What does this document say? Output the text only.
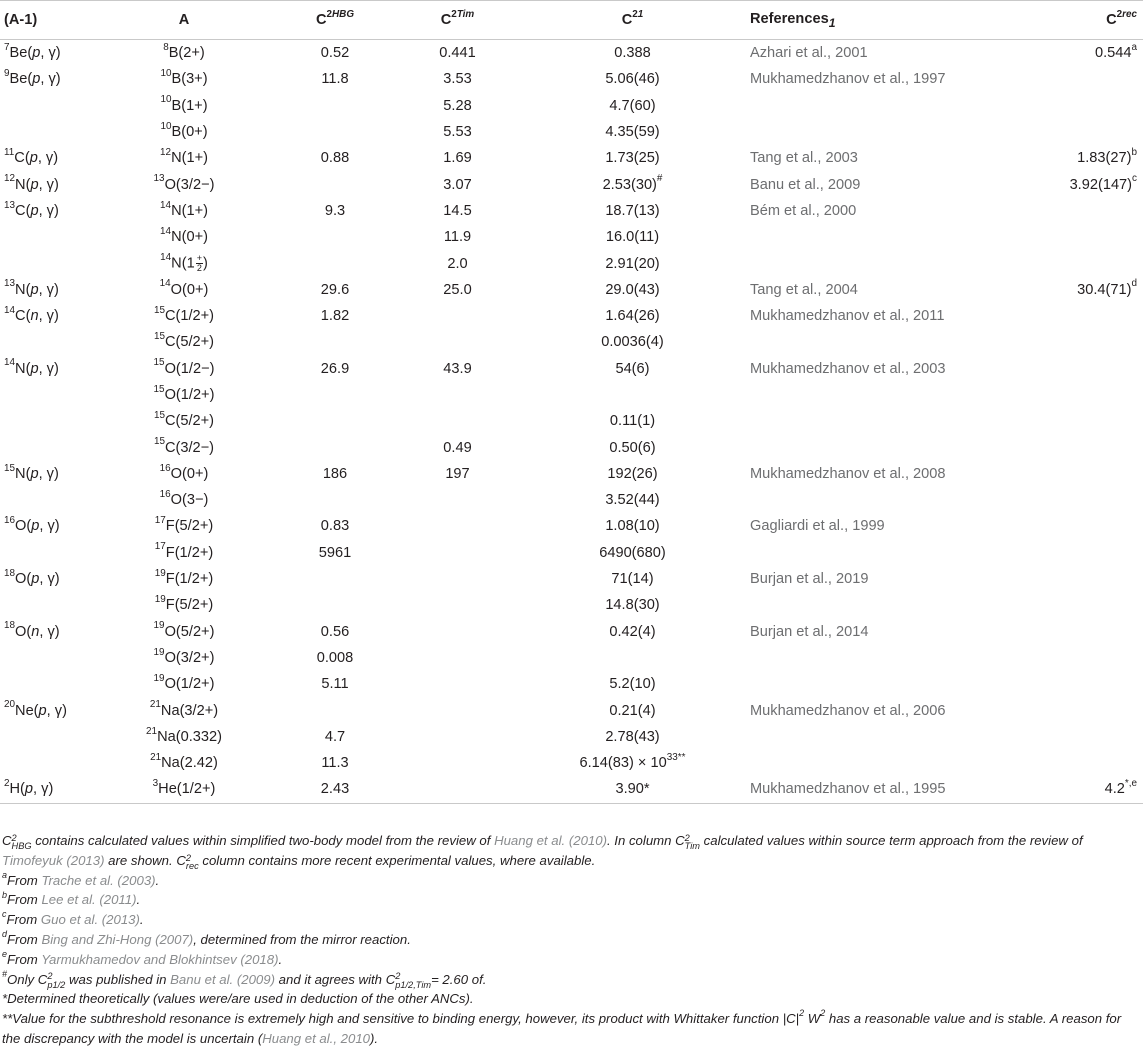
(A-1)	A	$C^{2HBG}$	$C^{2Tim}$	$C^{21}$	References$_1$	$C^{2rec}$
$^7$Be(p, γ)	$^8$B(2+)	0.52	0.441	0.388	Azhari et al., 2001	0.544$^a$
$^9$Be(p, γ)	$^{10}$B(3+)	11.8	3.53	5.06(46)	Mukhamedzhanov et al., 1997	
	$^{10}$B(1+)		5.28	4.7(60)		
	$^{10}$B(0+)		5.53	4.35(59)		
$^{11}$C(p, γ)	$^{12}$N(1+)	0.88	1.69	1.73(25)	Tang et al., 2003	$1.83(27)^b$
$^{12}$N(p, γ)	$^{13}$O(3/2−)		3.07	2.53(30)#	Banu et al., 2009	$3.92(147)^c$
$^{13}$C(p, γ)	$^{14}$N(1+)	9.3	14.5	18.7(13)	Bém et al., 2000	
	$^{14}$N(0+)		11.9	16.0(11)		
	$^{14}N(1 \frac{+}{2}$ )		2.0	2.91(20)		
$^{13}$N(p, γ)	$^{14}$O(0+)	29.6	25.0	29.0(43)	Tang et al., 2004	$30.4(71)^d$
$^{14}$C(n, γ)	$^{15}$C(1/2+)	1.82		1.64(26)	Mukhamedzhanov et al., 2011	
	$^{15}$C(5/2+)			0.0036(4)		
$^{14}$N(p, γ)	$^{15}$O(1/2−)	26.9	43.9	54(6)	Mukhamedzhanov et al., 2003	
	$^{15}$O(1/2+)					
	$^{15}$C(5/2+)			0.11(1)		
	$^{15}$C(3/2−)		0.49	0.50(6)		
$^{15}$N(p, γ)	$^{16}$O(0+)	186	197	192(26)	Mukhamedzhanov et al., 2008	
	$^{16}$O(3−)			3.52(44)		
$^{16}$O(p, γ)	$^{17}$F(5/2+)	0.83		1.08(10)	Gagliardi et al., 1999	
	$^{17}$F(1/2+)	5961		6490(680)		
$^{18}$O(p, γ)	$^{19}$F(1/2+)			71(14)	Burjan et al., 2019	
	$^{19}$F(5/2+)			14.8(30)		
$^{18}$O(n, γ)	$^{19}$O(5/2+)	0.56		0.42(4)	Burjan et al., 2014	
	$^{19}$O(3/2+)	0.008				
	$^{19}$O(1/2+)	5.11		5.2(10)		
$^{20}$Ne(p, γ)	$^{21}$Na(3/2+)			0.21(4)	Mukhamedzhanov et al., 2006	
	$^{21}$Na(0.332)	4.7		2.78(43)		
	$^{21}$Na(2.42)	11.3		$6.14(83) \times 10^{33**}$		
$^2$H(p, γ)	$^3$He(1/2+)	2.43		3.90*	Mukhamedzhanov et al., 1995	$4.2^{*,e}$

C 2
HBG contains calculated values within simplified two-body model from the review of Huang et al. (2010). In column C 2
Tim calculated values within source term approach from the review of Timofeyuk (2013) are shown. C 2
rec column contains more recent experimental values, where available.

$^a$From Trache et al. (2003).

$^b$From Lee et al. (2011).

$^c$From Guo et al. (2013).

$^d$From Bing and Zhi-Hong (2007), determined from the mirror reaction.

$^e$From Yarmukhamedov and Blokhintsev (2018).

#Only C 2
p1/2 was published in Banu et al. (2009) and it agrees with C 2
p1/2,Tim = 2.60 of.

*Determined theoretically (values were/are used in deduction of the other ANCs).

**Value for the subthreshold resonance is extremely high and sensitive to binding energy, however, its product with Whittaker function $|C|^2$ $W^2$ has a reasonable value and is stable. A reason for the discrepancy with the model is uncertain (Huang et al., 2010).
